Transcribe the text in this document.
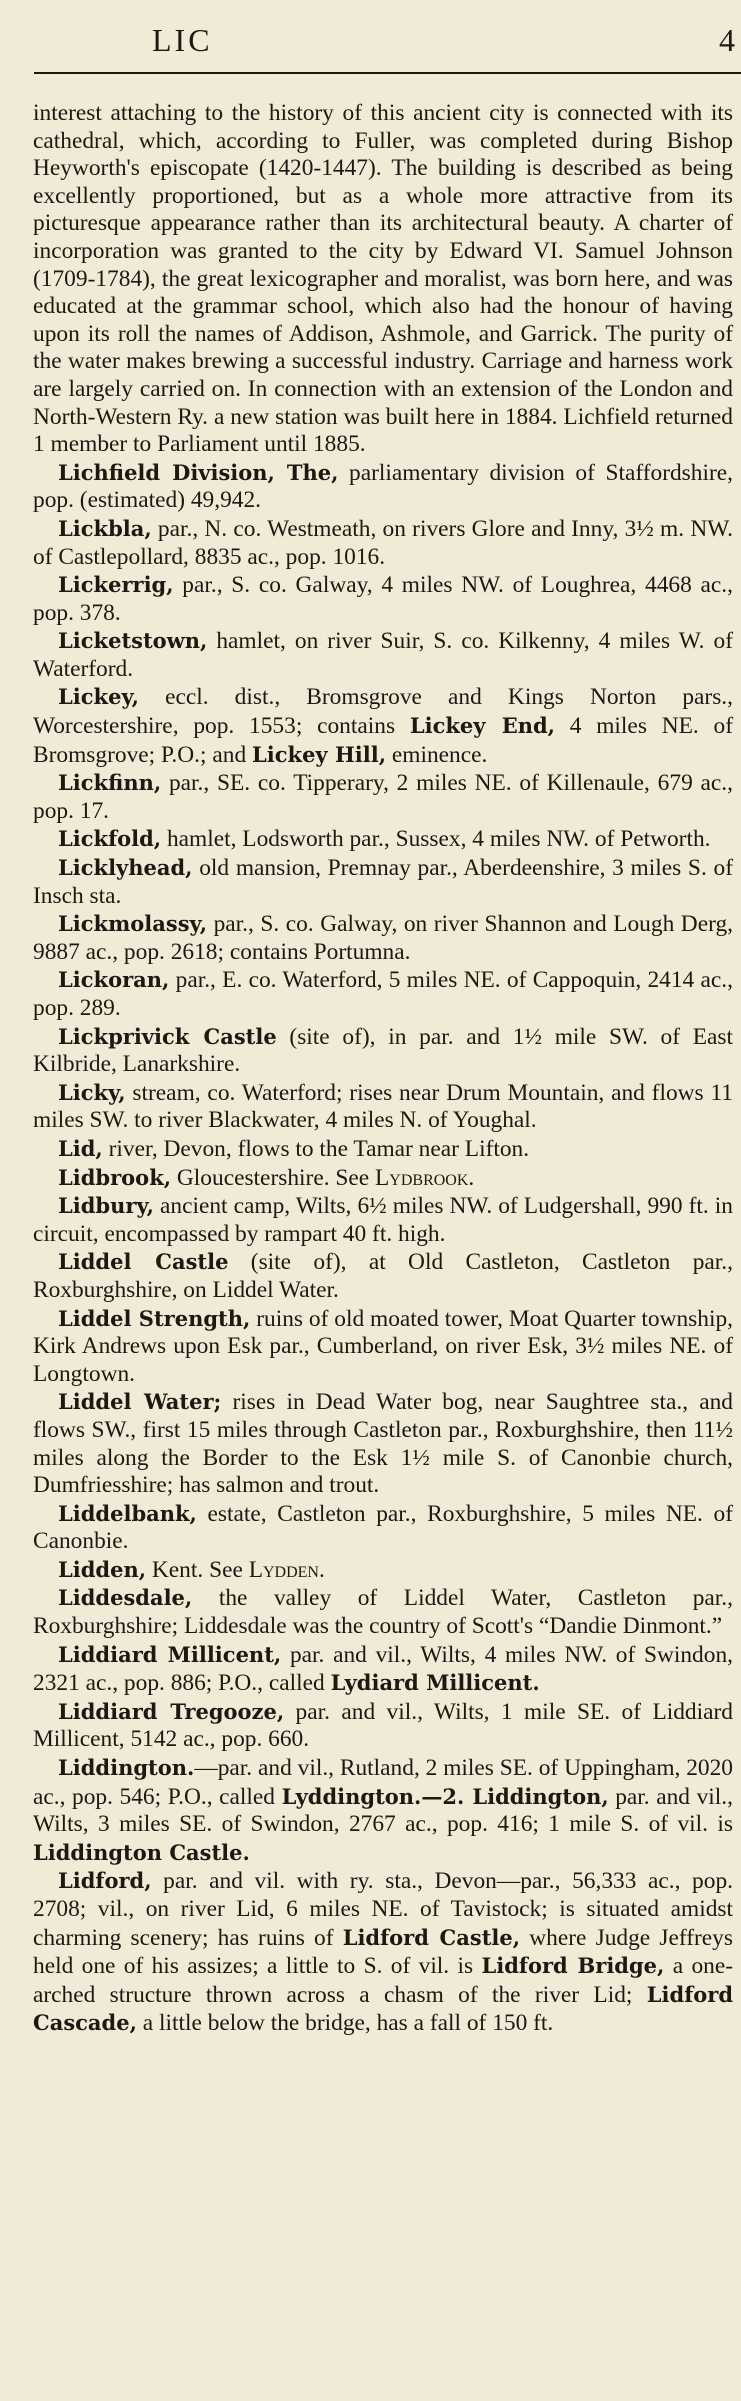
LIC	4

interest attaching to the history of this ancient city is connected with its cathedral, which, according to Fuller, was completed during Bishop Heyworth's episcopate (1420-1447). The building is described as being excellently proportioned, but as a whole more attractive from its picturesque appearance rather than its architectural beauty. A charter of incorporation was granted to the city by Edward VI. Samuel Johnson (1709-1784), the great lexicographer and moralist, was born here, and was educated at the grammar school, which also had the honour of having upon its roll the names of Addison, Ashmole, and Garrick. The purity of the water makes brewing a successful industry. Carriage and harness work are largely carried on. In connection with an extension of the London and North-Western Ry. a new station was built here in 1884. Lichfield returned 1 member to Parliament until 1885.

Lichfield Division, The, parliamentary division of Staffordshire, pop. (estimated) 49,942.

Lickbla, par., N. co. Westmeath, on rivers Glore and Inny, 3½ m. NW. of Castlepollard, 8835 ac., pop. 1016.

Lickerrig, par., S. co. Galway, 4 miles NW. of Loughrea, 4468 ac., pop. 378.

Licketstown, hamlet, on river Suir, S. co. Kilkenny, 4 miles W. of Waterford.

Lickey, eccl. dist., Bromsgrove and Kings Norton pars., Worcestershire, pop. 1553; contains Lickey End, 4 miles NE. of Bromsgrove; P.O.; and Lickey Hill, eminence.

Lickfinn, par., SE. co. Tipperary, 2 miles NE. of Killenaule, 679 ac., pop. 17.

Lickfold, hamlet, Lodsworth par., Sussex, 4 miles NW. of Petworth.

Licklyhead, old mansion, Premnay par., Aberdeenshire, 3 miles S. of Insch sta.

Lickmolassy, par., S. co. Galway, on river Shannon and Lough Derg, 9887 ac., pop. 2618; contains Portumna.

Lickoran, par., E. co. Waterford, 5 miles NE. of Cappoquin, 2414 ac., pop. 289.

Lickprivick Castle (site of), in par. and 1½ mile SW. of East Kilbride, Lanarkshire.

Licky, stream, co. Waterford; rises near Drum Mountain, and flows 11 miles SW. to river Blackwater, 4 miles N. of Youghal.

Lid, river, Devon, flows to the Tamar near Lifton.

Lidbrook, Gloucestershire. See Lydbrook.

Lidbury, ancient camp, Wilts, 6½ miles NW. of Ludgershall, 990 ft. in circuit, encompassed by rampart 40 ft. high.

Liddel Castle (site of), at Old Castleton, Castleton par., Roxburghshire, on Liddel Water.

Liddel Strength, ruins of old moated tower, Moat Quarter township, Kirk Andrews upon Esk par., Cumberland, on river Esk, 3½ miles NE. of Longtown.

Liddel Water; rises in Dead Water bog, near Saughtree sta., and flows SW., first 15 miles through Castleton par., Roxburghshire, then 11½ miles along the Border to the Esk 1½ mile S. of Canonbie church, Dumfriesshire; has salmon and trout.

Liddelbank, estate, Castleton par., Roxburghshire, 5 miles NE. of Canonbie.

Lidden, Kent. See Lydden.

Liddesdale, the valley of Liddel Water, Castleton par., Roxburghshire; Liddesdale was the country of Scott's “Dandie Dinmont.”

Liddiard Millicent, par. and vil., Wilts, 4 miles NW. of Swindon, 2321 ac., pop. 886; P.O., called Lydiard Millicent.

Liddiard Tregooze, par. and vil., Wilts, 1 mile SE. of Liddiard Millicent, 5142 ac., pop. 660.

Liddington.—par. and vil., Rutland, 2 miles SE. of Uppingham, 2020 ac., pop. 546; P.O., called Lyddington.—2. Liddington, par. and vil., Wilts, 3 miles SE. of Swindon, 2767 ac., pop. 416; 1 mile S. of vil. is Liddington Castle.

Lidford, par. and vil. with ry. sta., Devon—par., 56,333 ac., pop. 2708; vil., on river Lid, 6 miles NE. of Tavistock; is situated amidst charming scenery; has ruins of Lidford Castle, where Judge Jeffreys held one of his assizes; a little to S. of vil. is Lidford Bridge, a one-arched structure thrown across a chasm of the river Lid; Lidford Cascade, a little below the bridge, has a fall of 150 ft.
